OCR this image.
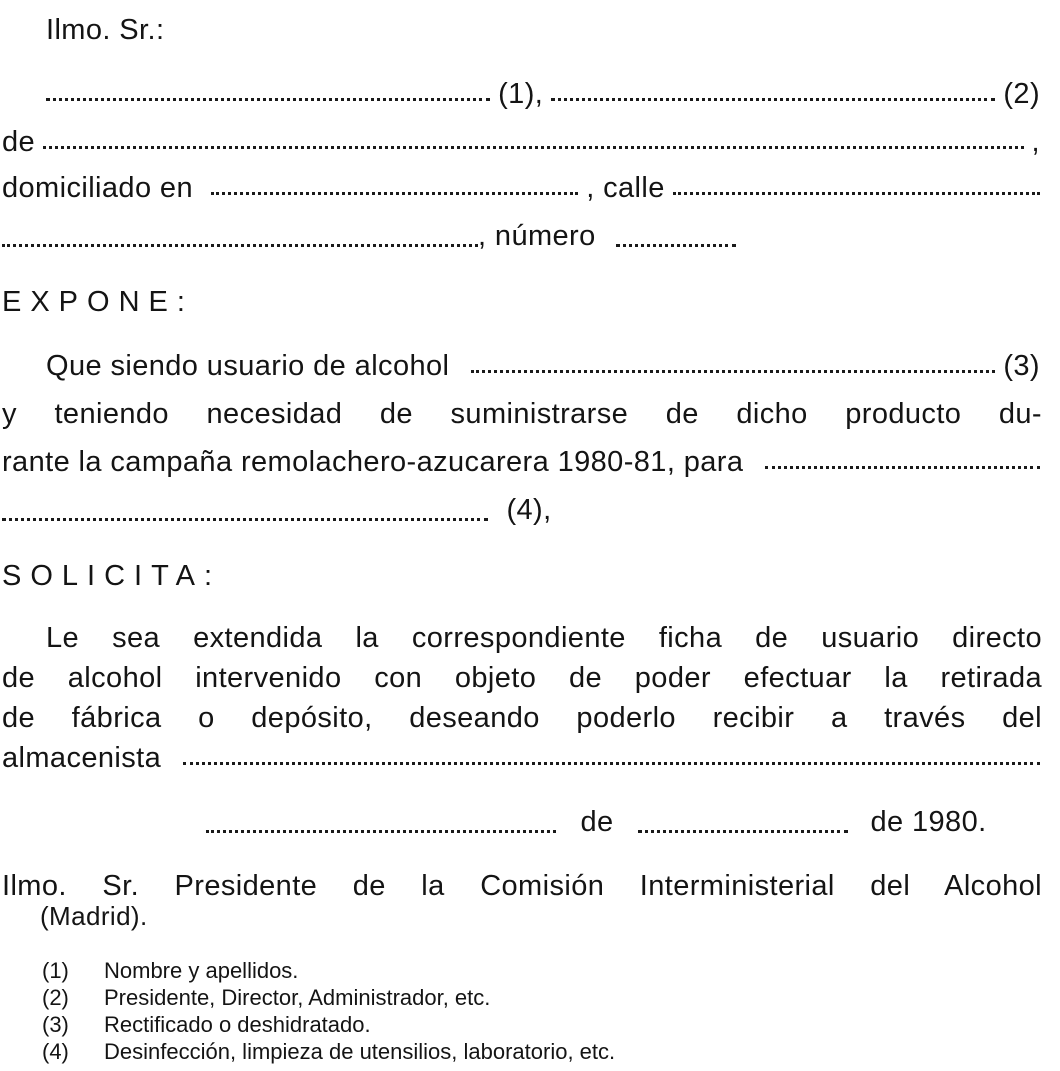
Ilmo. Sr.:
(1),	(2)
de	,
domiciliado en	, calle
, número
EXPONE:
Que siendo usuario de alcohol	(3)
y teniendo necesidad de suministrarse de dicho producto du-
rante la campaña remolachero-azucarera 1980-81, para
(4),
SOLICITA:
Le sea extendida la correspondiente ficha de usuario directo
de alcohol intervenido con objeto de poder efectuar la retirada
de fábrica o depósito, deseando poderlo recibir a través del
almacenista
de	de 1980.
Ilmo. Sr. Presidente de la Comisión Interministerial del Alcohol
(Madrid).
(1) Nombre y apellidos.
(2) Presidente, Director, Administrador, etc.
(3) Rectificado o deshidratado.
(4) Desinfección, limpieza de utensilios, laboratorio, etc.
